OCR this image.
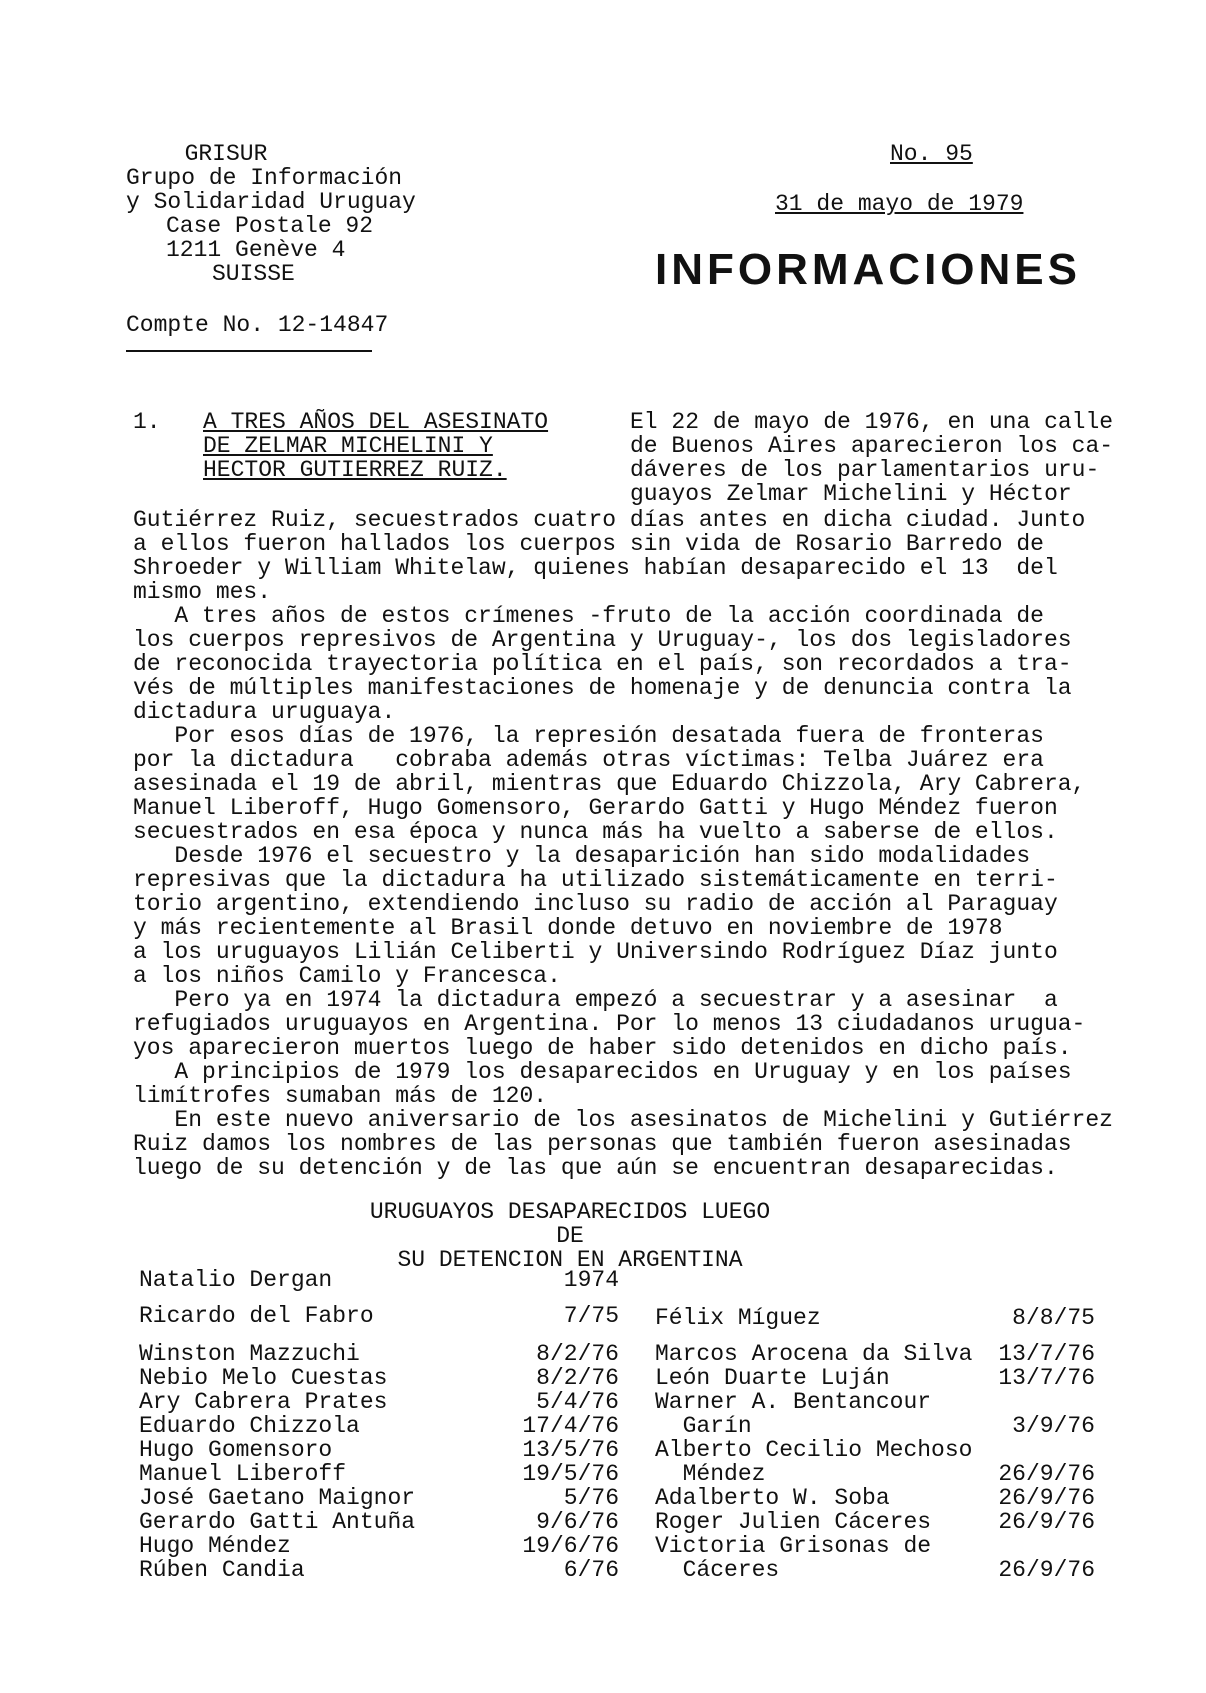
GRISUR
Grupo de Información
y Solidaridad Uruguay
Case Postale 92
1211 Genève 4
SUISSE
Compte No. 12-14847
No. 95
31 de mayo de 1979
INFORMACIONES
1. A TRES AÑOS DEL ASESINATO
DE ZELMAR MICHELINI Y
HECTOR GUTIERREZ RUIZ.
El 22 de mayo de 1976, en una calle
de Buenos Aires aparecieron los ca-
dáveres de los parlamentarios uru-
guayos Zelmar Michelini y Héctor
Gutiérrez Ruiz, secuestrados cuatro días antes en dicha ciudad. Junto
a ellos fueron hallados los cuerpos sin vida de Rosario Barredo de
Shroeder y William Whitelaw, quienes habían desaparecido el 13  del
mismo mes.
A tres años de estos crímenes -fruto de la acción coordinada de
los cuerpos represivos de Argentina y Uruguay-, los dos legisladores
de reconocida trayectoria política en el país, son recordados a tra-
vés de múltiples manifestaciones de homenaje y de denuncia contra la
dictadura uruguaya.
Por esos días de 1976, la represión desatada fuera de fronteras
por la dictadura   cobraba además otras víctimas: Telba Juárez era
asesinada el 19 de abril, mientras que Eduardo Chizzola, Ary Cabrera,
Manuel Liberoff, Hugo Gomensoro, Gerardo Gatti y Hugo Méndez fueron
secuestrados en esa época y nunca más ha vuelto a saberse de ellos.
Desde 1976 el secuestro y la desaparición han sido modalidades
represivas que la dictadura ha utilizado sistemáticamente en terri-
torio argentino, extendiendo incluso su radio de acción al Paraguay
y más recientemente al Brasil donde detuvo en noviembre de 1978
a los uruguayos Lilián Celiberti y Universindo Rodríguez Díaz junto
a los niños Camilo y Francesca.
Pero ya en 1974 la dictadura empezó a secuestrar y a asesinar  a
refugiados uruguayos en Argentina. Por lo menos 13 ciudadanos urugua-
yos aparecieron muertos luego de haber sido detenidos en dicho país.
A principios de 1979 los desaparecidos en Uruguay y en los países
limítrofes sumaban más de 120.
En este nuevo aniversario de los asesinatos de Michelini y Gutiérrez
Ruiz damos los nombres de las personas que también fueron asesinadas
luego de su detención y de las que aún se encuentran desaparecidas.
URUGUAYOS DESAPARECIDOS LUEGO DE
SU DETENCION EN ARGENTINA
Natalio Dergan	1974
Ricardo del Fabro	7/75
Winston Mazzuchi	8/2/76
Nebio Melo Cuestas	8/2/76
Ary Cabrera Prates	5/4/76
Eduardo Chizzola	17/4/76
Hugo Gomensoro	13/5/76
Manuel Liberoff	19/5/76
José Gaetano Maignor	5/76
Gerardo Gatti Antuña	9/6/76
Hugo Méndez	19/6/76
Rúben Candia	6/76
Félix Míguez	8/8/75
Marcos Arocena da Silva 13/7/76
León Duarte Luján	13/7/76
Warner A. Bentancour
Garín	3/9/76
Alberto Cecilio Mechoso
Méndez	26/9/76
Adalberto W. Soba	26/9/76
Roger Julien Cáceres	26/9/76
Victoria Grisonas de
Cáceres	26/9/76
